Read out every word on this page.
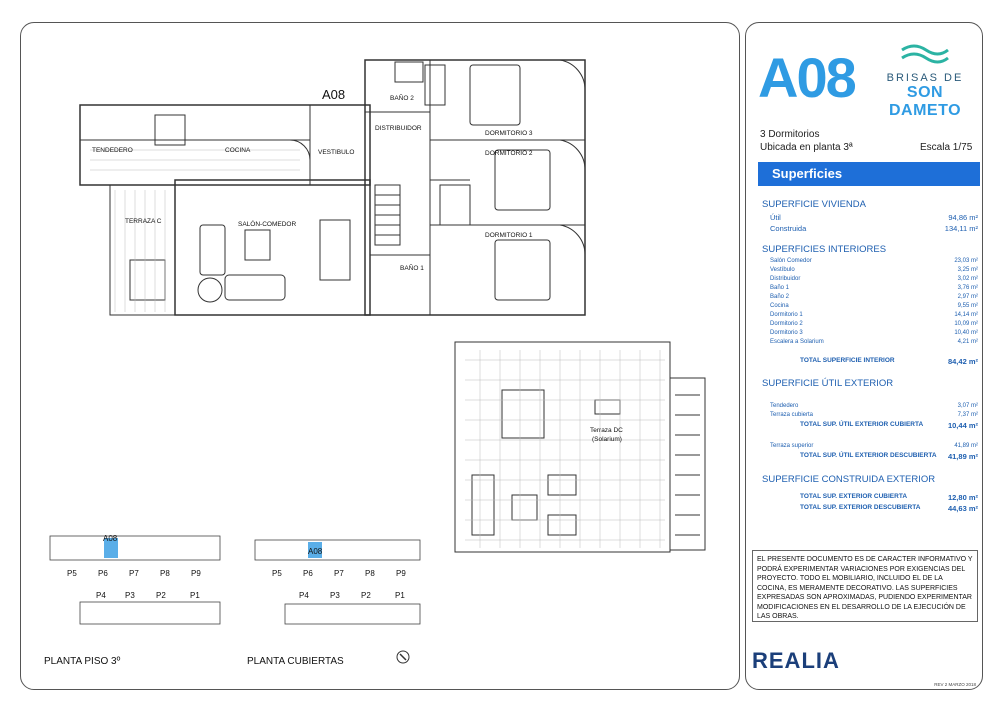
BAÑO 2
DISTRIBUIDOR
DORMITORIO 3
DORMITORIO 2
DORMITORIO 1
TENDEDERO	COCINA	VESTIBULO
TERRAZA C	SALÓN-COMEDOR
BAÑO 1
Terraza DC
(Solarium)
A08
A08
P5	P6	P7	P8	P9
P4 P3	P2	P1
A08
P5	P6	P7	P8	P9
P4	P3	P2	P1
PLANTA PISO 3º	PLANTA CUBIERTAS
A08	BRISAS DE
SON DAMETO
3 Dormitorios
Ubicada en planta 3ª	Escala 1/75
Superficies
SUPERFICIE VIVIENDA
Útil	94,86 m²
Construida	134,11 m²
SUPERFICIES INTERIORES
Salón Comedor	23,03 m²
Vestíbulo	3,25 m²
Distribuidor	3,02 m²
Baño 1	3,76 m²
Baño 2	2,97 m²
Cocina	9,55 m²
Dormitorio 1	14,14 m²
Dormitorio 2	10,09 m²
Dormitorio 3	10,40 m²
Escalera a Solarium	4,21 m²
TOTAL SUPERFICIE INTERIOR	84,42 m²
SUPERFICIE ÚTIL EXTERIOR
Tendedero	3,07 m²
Terraza cubierta	7,37 m²
TOTAL SUP. ÚTIL EXTERIOR CUBIERTA	10,44 m²
Terraza superior	41,89 m²
TOTAL SUP. ÚTIL EXTERIOR DESCUBIERTA 41,89 m²
SUPERFICIE CONSTRUIDA EXTERIOR
TOTAL SUP. EXTERIOR CUBIERTA	12,80 m²
TOTAL SUP. EXTERIOR DESCUBIERTA	44,63 m²
EL PRESENTE DOCUMENTO ES DE CARACTER INFORMATIVO Y PODRÁ EXPERIMENTAR VARIACIONES POR EXIGENCIAS DEL PROYECTO. TODO EL MOBILIARIO, INCLUIDO EL DE LA COCINA, ES MERAMENTE DECORATIVO. LAS SUPERFICIES EXPRESADAS SON APROXIMADAS, PUDIENDO EXPERIMENTAR MODIFICACIONES EN EL DESARROLLO DE LA EJECUCIÓN DE LAS OBRAS.
REALIA
REV 2 MARZO 2018
